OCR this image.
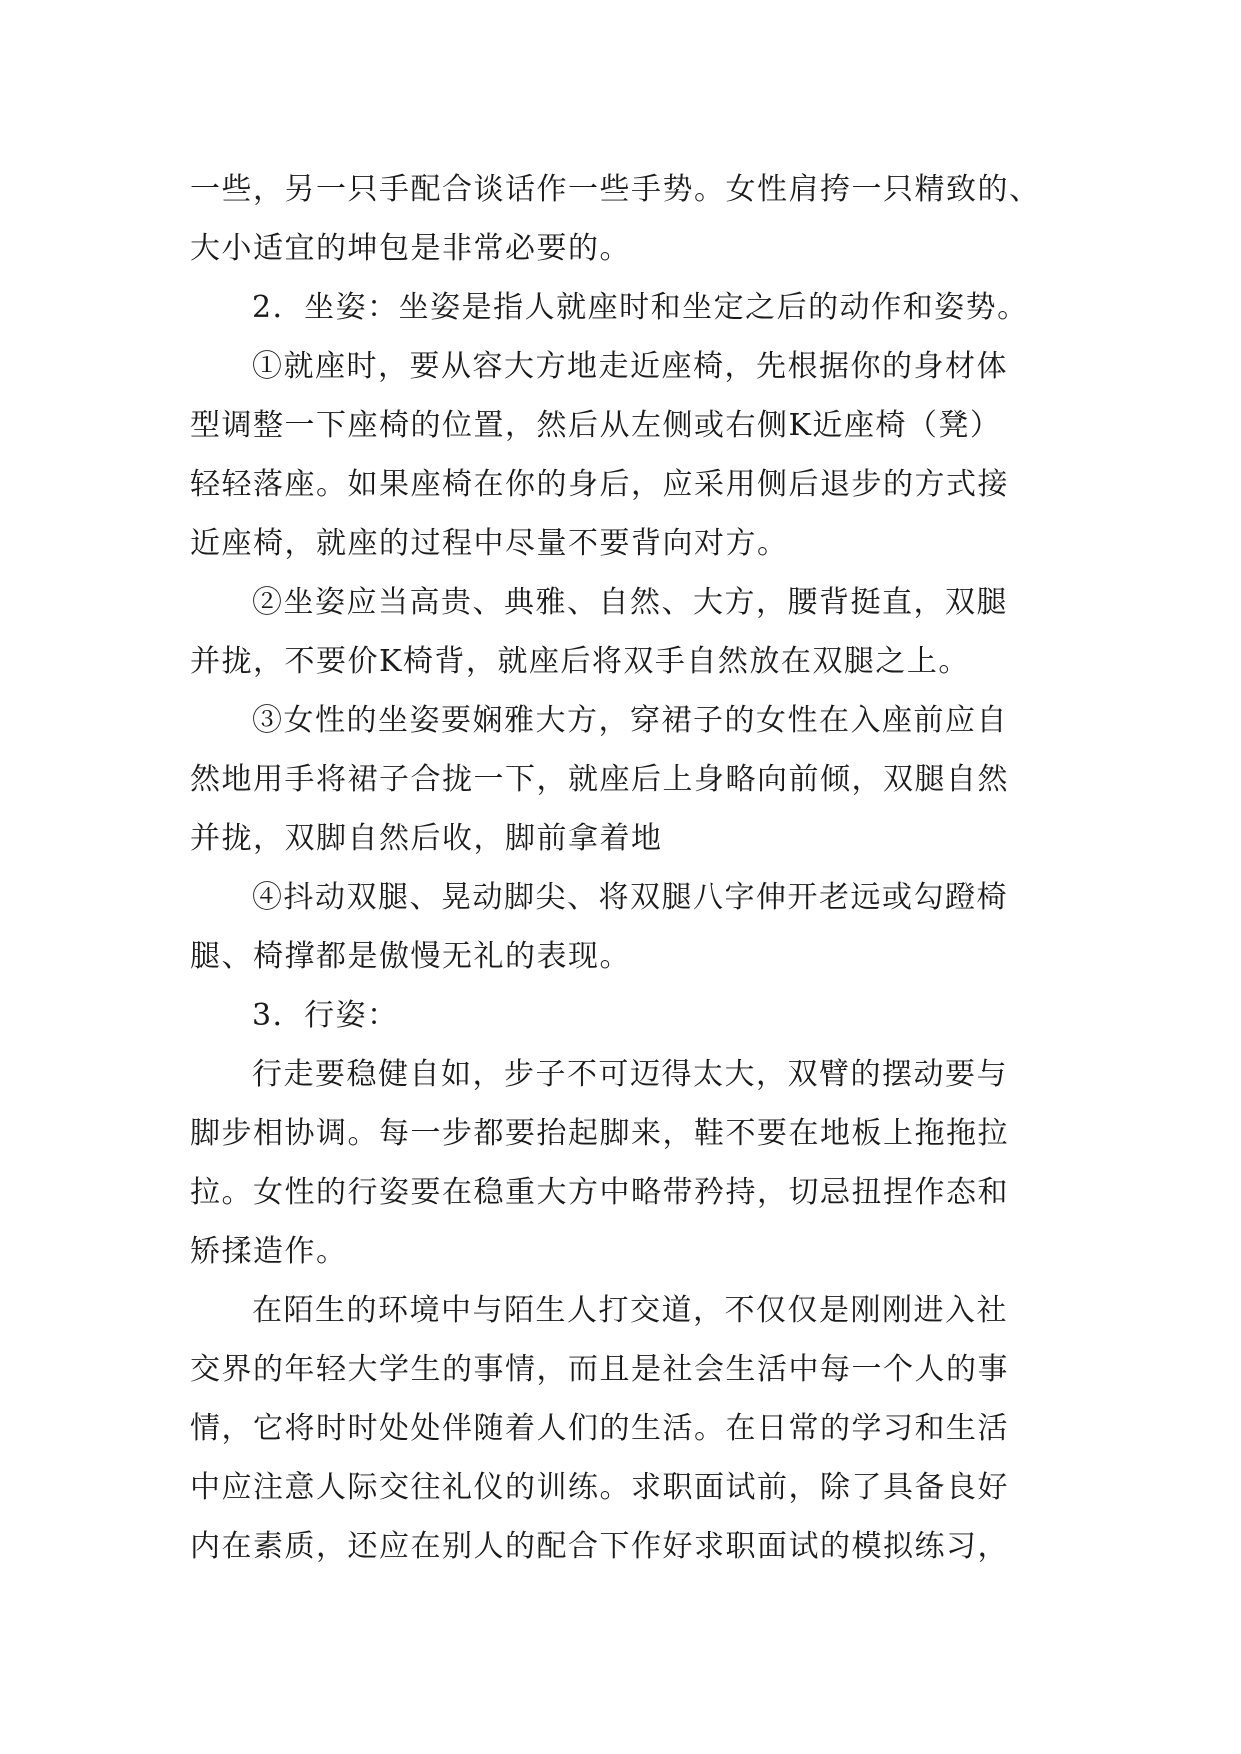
一些，另一只手配合谈话作一些手势。女性肩挎一只精致的、
大小适宜的坤包是非常必要的。
2．坐姿：坐姿是指人就座时和坐定之后的动作和姿势。
①就座时，要从容大方地走近座椅，先根据你的身材体
型调整一下座椅的位置，然后从左侧或右侧K近座椅（凳）
轻轻落座。如果座椅在你的身后，应采用侧后退步的方式接
近座椅，就座的过程中尽量不要背向对方。
②坐姿应当高贵、典雅、自然、大方，腰背挺直，双腿
并拢，不要价K椅背，就座后将双手自然放在双腿之上。
③女性的坐姿要娴雅大方，穿裙子的女性在入座前应自
然地用手将裙子合拢一下，就座后上身略向前倾，双腿自然
并拢，双脚自然后收，脚前拿着地
④抖动双腿、晃动脚尖、将双腿八字伸开老远或勾蹬椅
腿、椅撑都是傲慢无礼的表现。
3．行姿：
行走要稳健自如，步子不可迈得太大，双臂的摆动要与
脚步相协调。每一步都要抬起脚来，鞋不要在地板上拖拖拉
拉。女性的行姿要在稳重大方中略带矜持，切忌扭捏作态和
矫揉造作。
在陌生的环境中与陌生人打交道，不仅仅是刚刚进入社
交界的年轻大学生的事情，而且是社会生活中每一个人的事
情，它将时时处处伴随着人们的生活。在日常的学习和生活
中应注意人际交往礼仪的训练。求职面试前，除了具备良好
内在素质，还应在别人的配合下作好求职面试的模拟练习，
